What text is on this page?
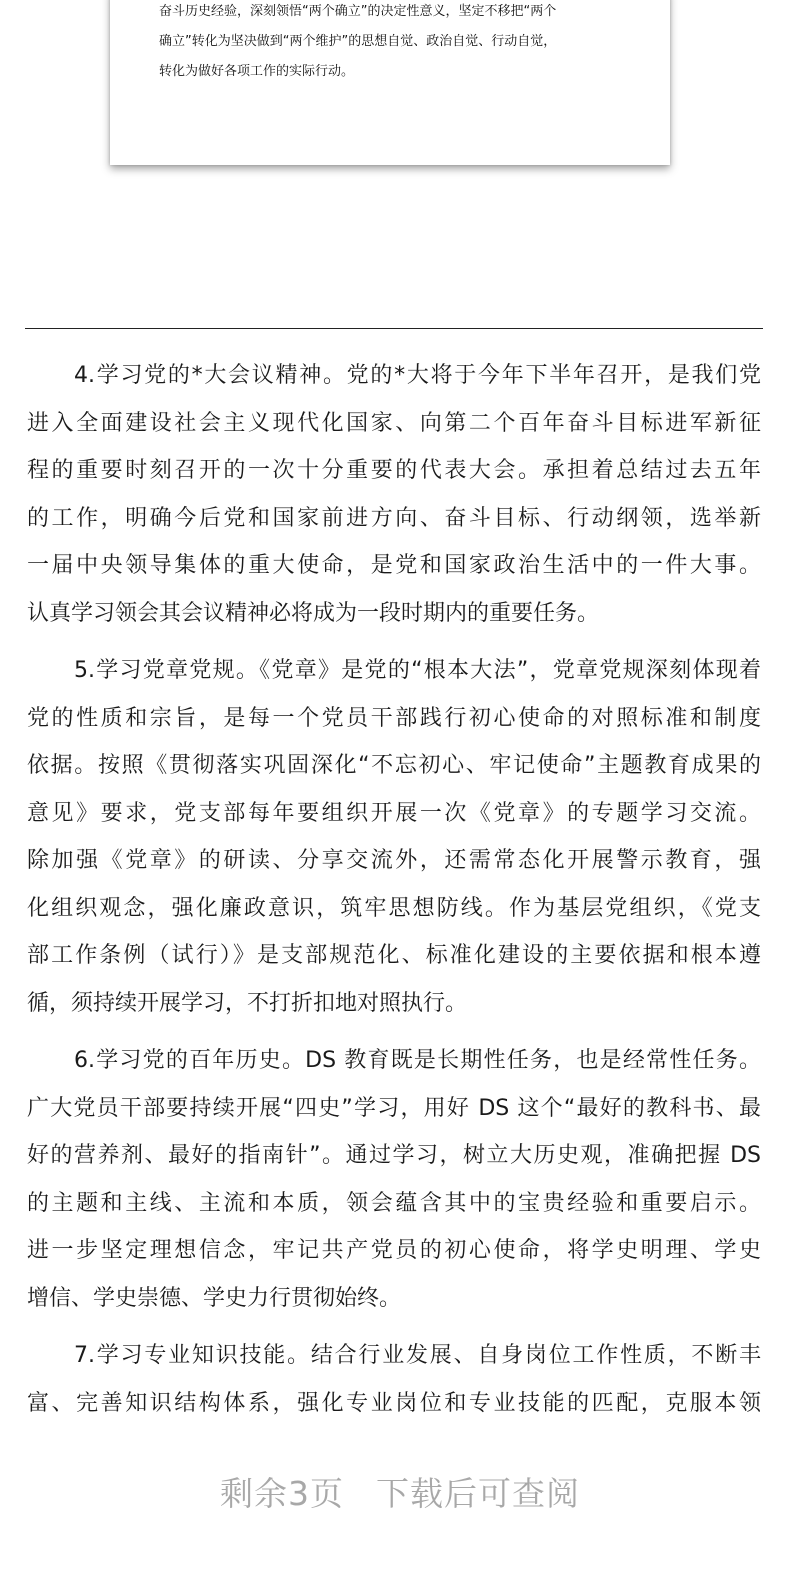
奋斗历史经验，深刻领悟“两个确立”的决定性意义，坚定不移把“两个
确立”转化为坚决做到“两个维护”的思想自觉、政治自觉、行动自觉，
转化为做好各项工作的实际行动。
4.学习党的*大会议精神。党的*大将于今年下半年召开，是我们党
进入全面建设社会主义现代化国家、向第二个百年奋斗目标进军新征
程的重要时刻召开的一次十分重要的代表大会。承担着总结过去五年
的工作，明确今后党和国家前进方向、奋斗目标、行动纲领，选举新
一届中央领导集体的重大使命，是党和国家政治生活中的一件大事。
认真学习领会其会议精神必将成为一段时期内的重要任务。
5.学习党章党规。《党章》是党的“根本大法”，党章党规深刻体现着
党的性质和宗旨，是每一个党员干部践行初心使命的对照标准和制度
依据。按照《贯彻落实巩固深化“不忘初心、牢记使命”主题教育成果的
意见》要求，党支部每年要组织开展一次《党章》的专题学习交流。
除加强《党章》的研读、分享交流外，还需常态化开展警示教育，强
化组织观念，强化廉政意识，筑牢思想防线。作为基层党组织，《党支
部工作条例（试行）》是支部规范化、标准化建设的主要依据和根本遵
循，须持续开展学习，不打折扣地对照执行。
6.学习党的百年历史。DS 教育既是长期性任务，也是经常性任务。
广大党员干部要持续开展“四史”学习，用好 DS 这个“最好的教科书、最
好的营养剂、最好的指南针”。通过学习，树立大历史观，准确把握 DS
的主题和主线、主流和本质，领会蕴含其中的宝贵经验和重要启示。
进一步坚定理想信念，牢记共产党员的初心使命，将学史明理、学史
增信、学史崇德、学史力行贯彻始终。
7.学习专业知识技能。结合行业发展、自身岗位工作性质，不断丰
富、完善知识结构体系，强化专业岗位和专业技能的匹配，克服本领
剩余3页 下载后可查阅
